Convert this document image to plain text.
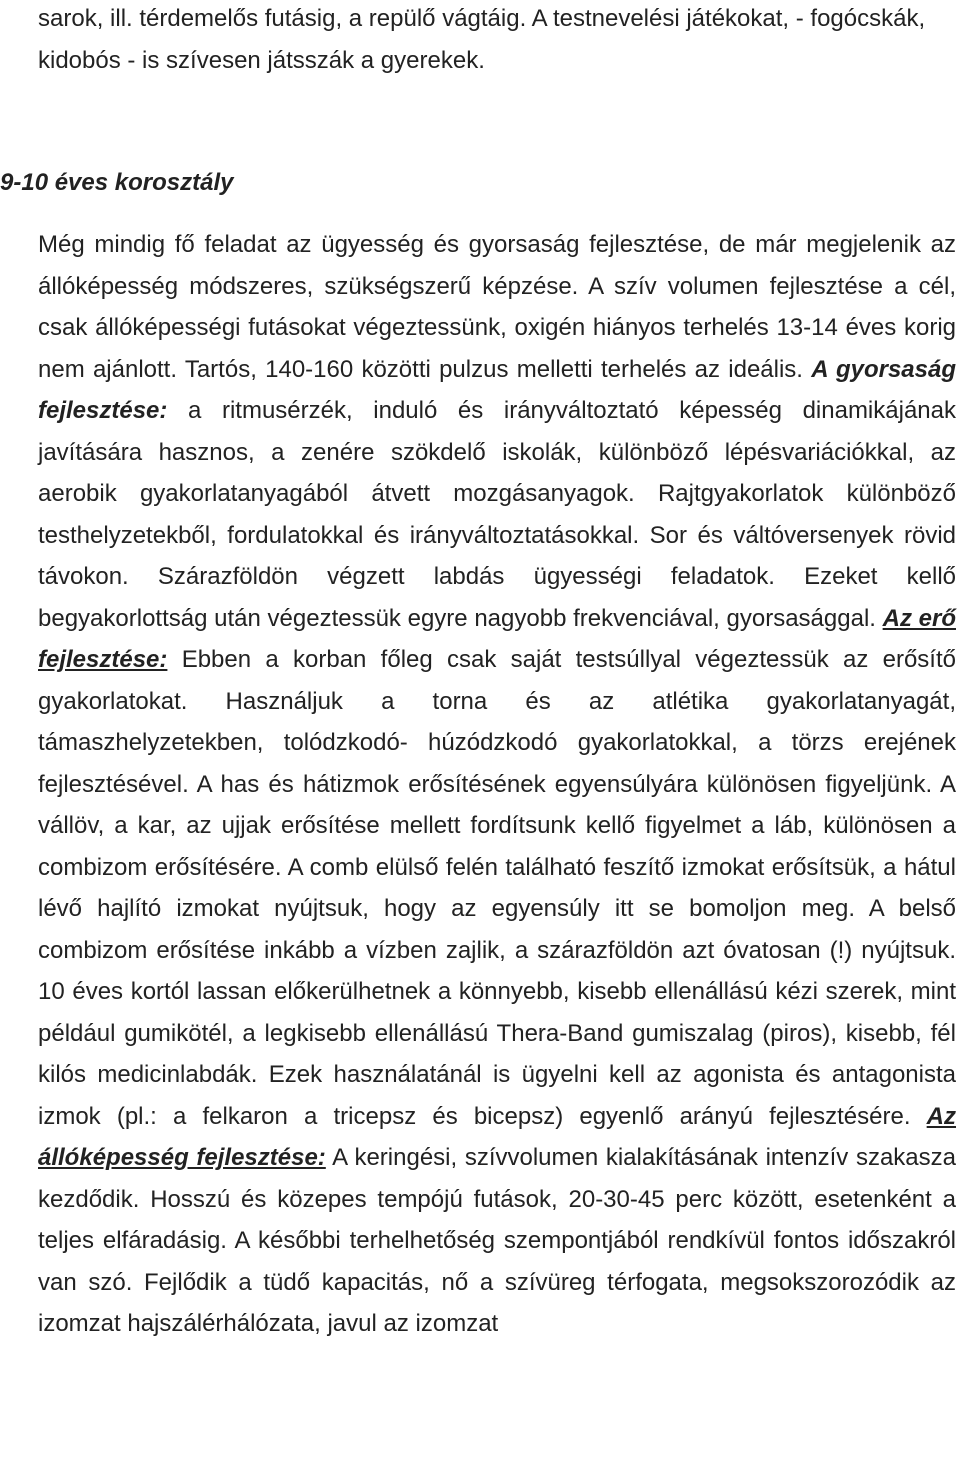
sarok, ill. térdemelős futásig, a repülő vágtáig. A testnevelési játékokat, - fogócskák, kidobós - is szívesen játsszák a gyerekek.
9-10 éves korosztály
Még mindig fő feladat az ügyesség és gyorsaság fejlesztése, de már megjelenik az állóképesség módszeres, szükségszerű képzése. A szív volumen fejlesztése a cél, csak állóképességi futásokat végeztessünk, oxigén hiányos terhelés 13-14 éves korig nem ajánlott. Tartós, 140-160 közötti pulzus melletti terhelés az ideális. A gyorsaság fejlesztése: a ritmusérzék, induló és irányváltoztató képesség dinamikájának javítására hasznos, a zenére szökdelő iskolák, különböző lépésvariációkkal, az aerobik gyakorlatanyagából átvett mozgásanyagok. Rajtgyakorlatok különböző testhelyzetekből, fordulatokkal és irányváltoztatásokkal. Sor és váltóversenyek rövid távokon. Szárazföldön végzett labdás ügyességi feladatok. Ezeket kellő begyakorlottság után végeztessük egyre nagyobb frekvenciával, gyorsasággal. Az erő fejlesztése: Ebben a korban főleg csak saját testsúllyal végeztessük az erősítő gyakorlatokat. Használjuk a torna és az atlétika gyakorlatanyagát, támaszhelyzetekben, tolódzkodó- húzódzkodó gyakorlatokkal, a törzs erejének fejlesztésével. A has és hátizmok erősítésének egyensúlyára különösen figyeljünk. A vállöv, a kar, az ujjak erősítése mellett fordítsunk kellő figyelmet a láb, különösen a combizom erősítésére. A comb elülső felén található feszítő izmokat erősítsük, a hátul lévő hajlító izmokat nyújtsuk, hogy az egyensúly itt se bomoljon meg. A belső combizom erősítése inkább a vízben zajlik, a szárazföldön azt óvatosan (!) nyújtsuk. 10 éves kortól lassan előkerülhetnek a könnyebb, kisebb ellenállású kézi szerek, mint például gumikötél, a legkisebb ellenállású Thera-Band gumiszalag (piros), kisebb, fél kilós medicinlabdák. Ezek használatánál is ügyelni kell az agonista és antagonista izmok (pl.: a felkaron a tricepsz és bicepsz) egyenlő arányú fejlesztésére. Az állóképesség fejlesztése: A keringési, szívvolumen kialakításának intenzív szakasza kezdődik. Hosszú és közepes tempójú futások, 20-30-45 perc között, esetenként a teljes elfáradásig. A későbbi terhelhetőség szempontjából rendkívül fontos időszakról van szó. Fejlődik a tüdő kapacitás, nő a szívüreg térfogata, megsokszorozódik az izomzat hajszálérhálózata, javul az izomzat
